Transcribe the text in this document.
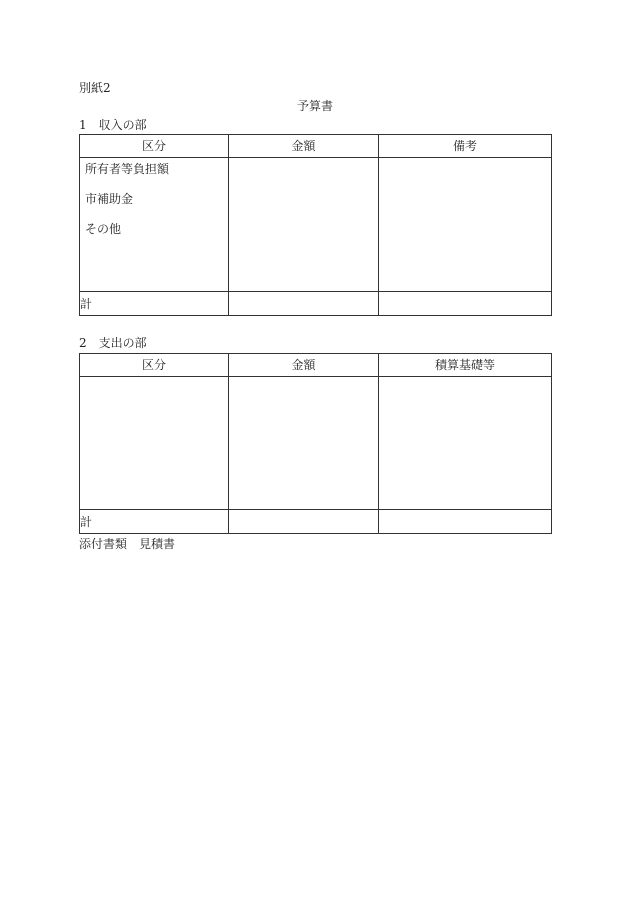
別紙2
予算書
1　収入の部
区分	金額	備考

所有者等負担額
市補助金
その他		

計		
2　支出の部
区分	金額	積算基礎等

計		
添付書類　見積書
